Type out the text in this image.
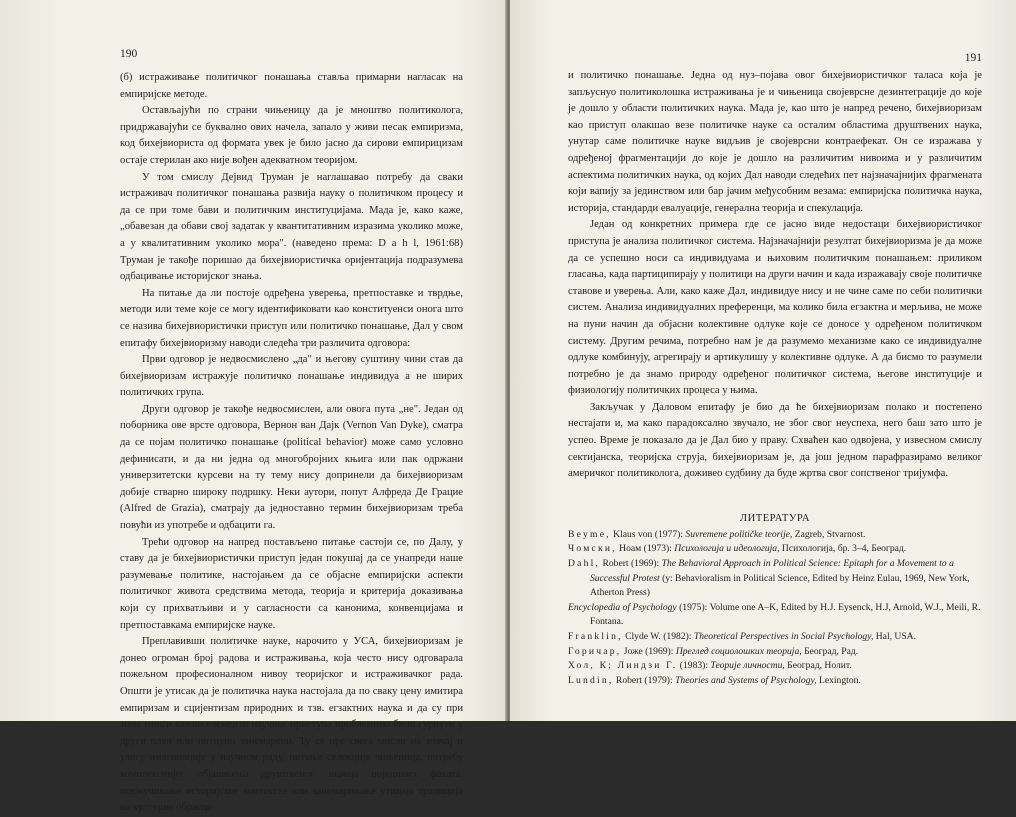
190

(б) истраживање политичког понашања ставља примарни нагласак на емпиријске методе.

Остављајући по страни чињеницу да је мноштво политиколога, придржавајући се буквално ових начела, запало у живи песак емпиризма, код бихејвиориста од формата увек је било јасно да сирови емпирицизам остаје стерилан ако није вођен адекватном теоријом.

У том смислу Дејвид Труман је наглашавао потребу да сваки истраживач политичког понашања развија науку о политичком процесу и да се при томе бави и политичким институцијама. Мада је, како каже, „обавезан да обави свој задатак у квантитативним изразима уколико може, а у квалитативним уколико мора". (наведено према: D a h l, 1961:68) Труман је такође поришао да бихејвиористичка оријентација подразумева одбацивање историјског знања.

На питање да ли постоје одређена уверења, претпоставке и тврдње, методи или теме које се могу идентификовати као конституенси онога што се назива бихејвиористички приступ или политичко понашање, Дал у свом епитафу бихејвиоризму наводи следећа три различита одговора:

Први одговор је недвосмислено „да" и његову суштину чини став да бихејвиоризам истражује политичко понашање индивидуа а не ширих политичких група.

Други одговор је такође недвосмислен, али овога пута „не". Један од поборника ове врсте одговора, Вернон ван Дајк (Vernon Van Dyke), сматра да се појам политичко понашање (political behavior) може само условно дефинисати, и да ни једна од многобројних књига или пак одржани универзитетски курсеви на ту тему нису допринели да бихејвиоризам добије стварно широку подршку. Неки аутори, попут Алфреда Де Грацие (Alfred de Grazia), сматрају да једноставно термин бихејвиоризам треба повући из употребе и одбацити га.

Трећи одговор на напред постављено питање састоји се, по Далу, у ставу да је бихејвиористички приступ један покушај да се унапреди наше разумевање политике, настојањем да се објасне емпиријски аспекти политичког живота средствима метода, теорија и критерија доказивања који су прихватљиви и у сагласности са канонима, конвенцијама и претпоставкама емпиријске науке.

Преплавивши политичке науке, нарочито у УСА, бихејвиоризам је донео огроман број радова и истраживања, која често нису одговарала пожељном професионалном нивоу теоријског и истраживачког рада. Општи је утисак да је политичка наука настојала да по сваку цену имитира емпиризам и сцијентизам природних и тзв. егзактних наука и да су при томе многи важни елементи научног приступа проблемима били гурнути у други план или потпуно занемарени. Ту се пре свега мисли на значај и улогу имагинације у научном раду, питање селекције чињеница, потребу комплекснијег објашњења друштвеног значаја појединих факата, искључивање историјског контекста или занемаривање утицаја традиција на културне обрасце

191

и политичко понашање. Једна од нуз–појава овог бихејвиористичког таласа која је запљуснуо политиколошка истраживања је и чињеница својеврсне дезинтеграције до које је дошло у области политичких наука. Мада је, као што је напред речено, бихејвиоризам као приступ олакшао везе политичке науке са осталим областима друштвених наука, унутар саме политичке науке видљив је својеврсни контраефекат. Он се изражава у одређеној фрагментацији до које је дошло на различитим нивоима и у различитим аспектима политичких наука, од којих Дал наводи следећих пет најзначајнијих фрагмената који вапију за јединством или бар јачим међусобним везама: емпиријска политичка наука, историја, стандарди евалуације, генерална теорија и спекулација.

Један од конкретних примера где се јасно виде недостаци бихејвиористичког приступа је анализа политичког система. Најзначајнији резултат бихејвиоризма је да може да се успешно носи са индивидуама и њиховим политичким понашањем: приликом гласања, када партиципирају у политици на други начин и када изражавају своје политичке ставове и уверења. Али, како каже Дал, индивидуе нису и не чине саме по себи политички систем. Анализа индивидуалних преференци, ма колико била егзактна и мерљива, не може на пуни начин да објасни колективне одлуке које се доносе у одређеном политичком систему. Другим речима, потребно нам је да разумемо механизме како се индивидуалне одлуке комбинују, агрегирају и артикулишу у колективне одлуке. А да бисмо то разумели потребно је да знамо природу одређеног политичког система, његове институције и физиологију политичких процеса у њима.

Закључак у Даловом епитафу је био да ће бихејвиоризам полако и постепено нестајати и, ма како парадоксално звучало, не због свог неуспеха, него баш зато што је успео. Време је показало да је Дал био у праву. Схваћен као одвојена, у извесном смислу сектијанска, теоријска струја, бихејвиоризам је, да још једном парафразирамо великог америчког политиколога, доживео судбину да буде жртва свог сопственог тријумфа.

ЛИТЕРАТУРА

Beyme, Klaus von (1977): Suvremene političke teorije, Zagreb, Stvarnost.

Чомски, Ноам (1973): Психологија и идеологија, Психологија, бр. 3–4, Београд.

Dahl, Robert (1969): The Behavioral Approach in Political Science: Epitaph for a Movement to a Successful Protest (у: Behavioralism in Political Science, Edited by Heinz Eulau, 1969, New York, Atherton Press)

Encyclopedia of Psychology (1975): Volume one A–K, Edited by H.J. Eysenck, H.J, Arnold, W.J., Meili, R. Fontana.

Franklin, Clyde W. (1982): Theoretical Perspectives in Social Psychology, Hal, USA.

Горичар, Јоже (1969): Преглед социолошких теорија, Београд, Рад.

Хол, К; Линдзи Г. (1983): Теорије личности, Београд, Нолит.

Lundin, Robert (1979): Theories and Systems of Psychology, Lexington.
